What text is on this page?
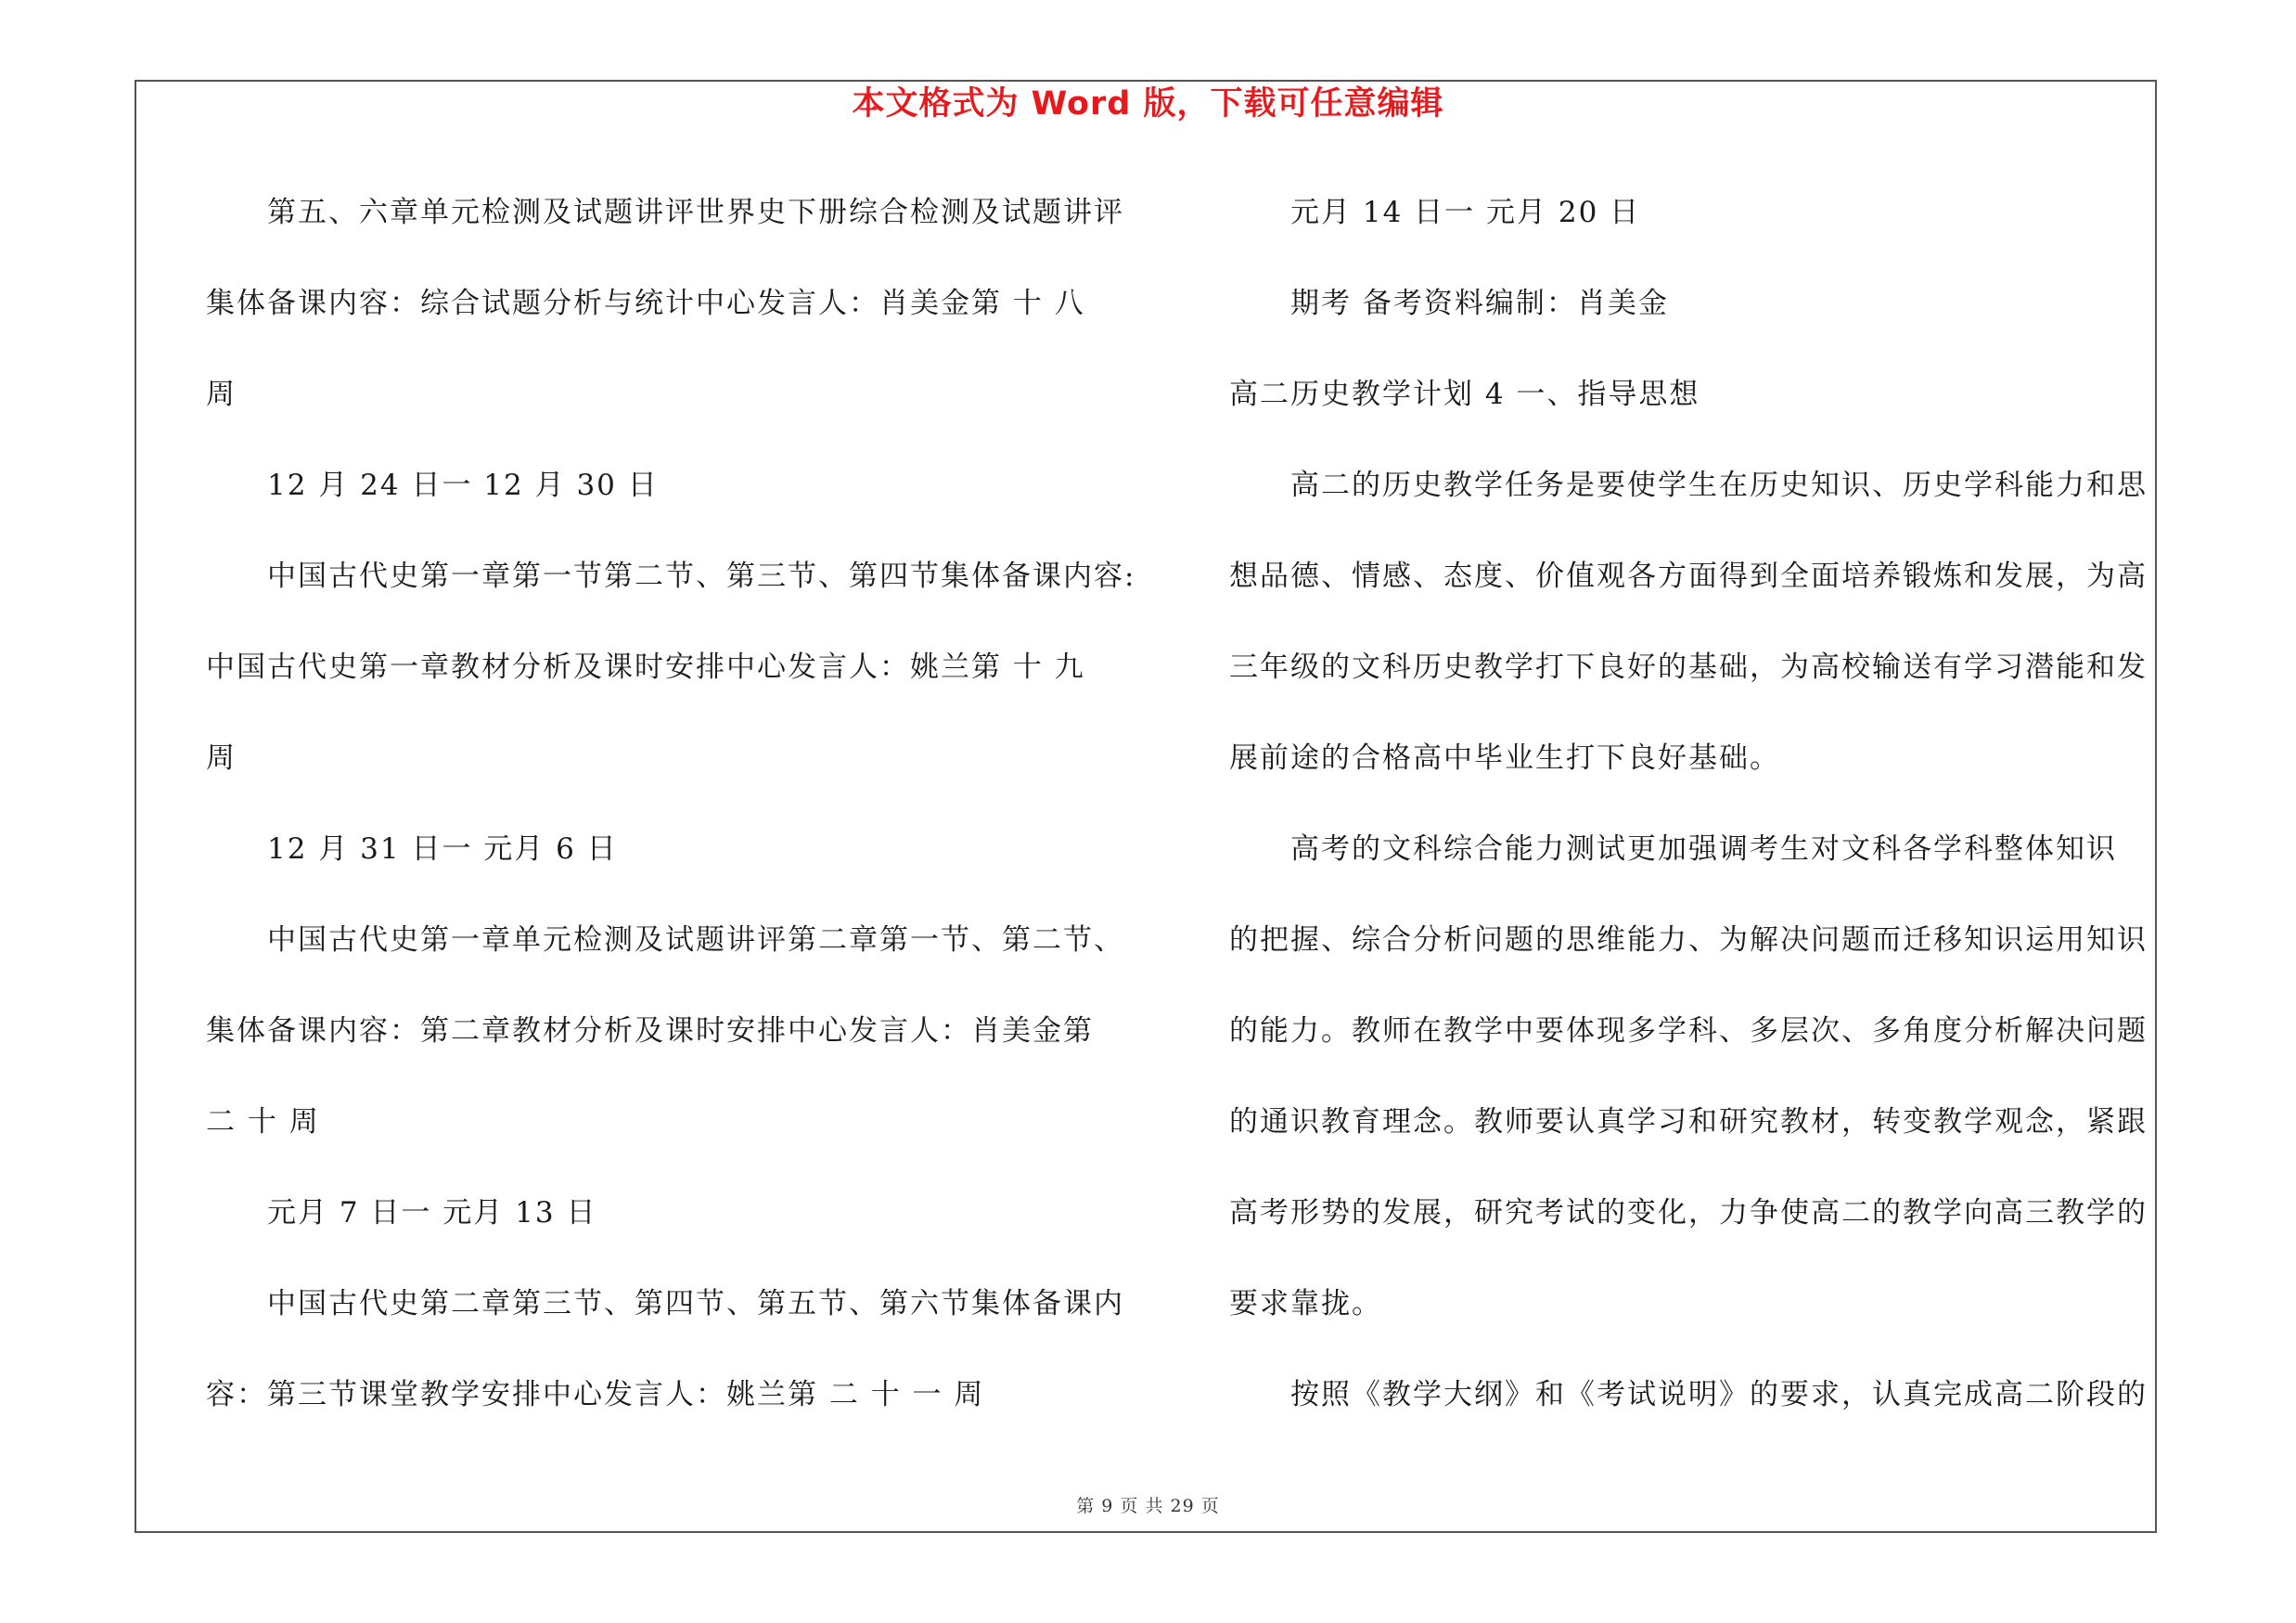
本文格式为 Word 版，下载可任意编辑
第五、六章单元检测及试题讲评世界史下册综合检测及试题讲评
集体备课内容：综合试题分析与统计中心发言人：肖美金第 十 八
周
12 月 24 日一 12 月 30 日
中国古代史第一章第一节第二节、第三节、第四节集体备课内容:
中国古代史第一章教材分析及课时安排中心发言人：姚兰第 十 九
周
12 月 31 日一 元月 6 日
中国古代史第一章单元检测及试题讲评第二章第一节、第二节、
集体备课内容：第二章教材分析及课时安排中心发言人：肖美金第
二 十 周
元月 7 日一 元月 13 日
中国古代史第二章第三节、第四节、第五节、第六节集体备课内
容：第三节课堂教学安排中心发言人：姚兰第 二 十 一 周
元月 14 日一 元月 20 日
期考 备考资料编制：肖美金
高二历史教学计划 4 一、指导思想
高二的历史教学任务是要使学生在历史知识、历史学科能力和思
想品德、情感、态度、价值观各方面得到全面培养锻炼和发展，为高
三年级的文科历史教学打下良好的基础，为高校输送有学习潜能和发
展前途的合格高中毕业生打下良好基础。
高考的文科综合能力测试更加强调考生对文科各学科整体知识
的把握、综合分析问题的思维能力、为解决问题而迁移知识运用知识
的能力。教师在教学中要体现多学科、多层次、多角度分析解决问题
的通识教育理念。教师要认真学习和研究教材，转变教学观念，紧跟
高考形势的发展，研究考试的变化，力争使高二的教学向高三教学的
要求靠拢。
按照《教学大纲》和《考试说明》的要求，认真完成高二阶段的
第 9 页 共 29 页
